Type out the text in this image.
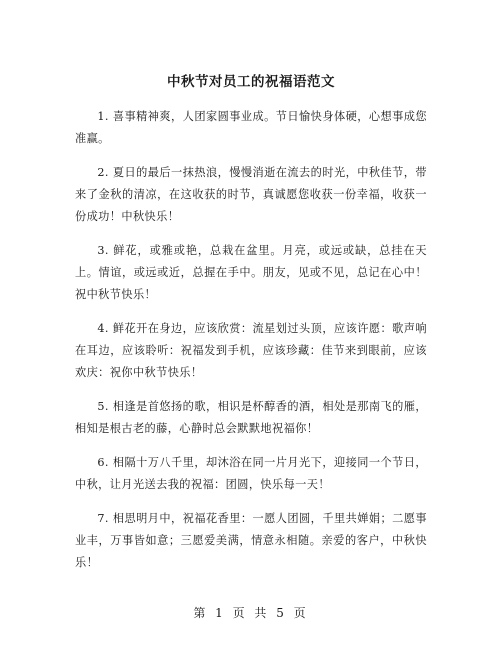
中秋节对员工的祝福语范文

1. 喜事精神爽，人团家圆事业成。节日愉快身体硬，心想事成您准赢。

2. 夏日的最后一抹热浪，慢慢消逝在流去的时光，中秋佳节，带来了金秋的清凉，在这收获的时节，真诚愿您收获一份幸福，收获一份成功！中秋快乐！

3. 鲜花，或雅或艳，总栽在盆里。月亮，或远或缺，总挂在天上。情谊，或远或近，总握在手中。朋友，见或不见，总记在心中！祝中秋节快乐！

4. 鲜花开在身边，应该欣赏：流星划过头顶，应该许愿：歌声响在耳边，应该聆听：祝福发到手机，应该珍藏：佳节来到眼前，应该欢庆：祝你中秋节快乐！

5. 相逢是首悠扬的歌，相识是杯醇香的酒，相处是那南飞的雁，相知是根古老的藤，心静时总会默默地祝福你！

6. 相隔十万八千里，却沐浴在同一片月光下，迎接同一个节日，中秋，让月光送去我的祝福：团圆，快乐每一天！

7. 相思明月中，祝福花香里：一愿人团圆，千里共婵娟；二愿事业丰，万事皆如意；三愿爱美满，情意永相随。亲爱的客户，中秋快乐！

第 1 页 共 5 页
